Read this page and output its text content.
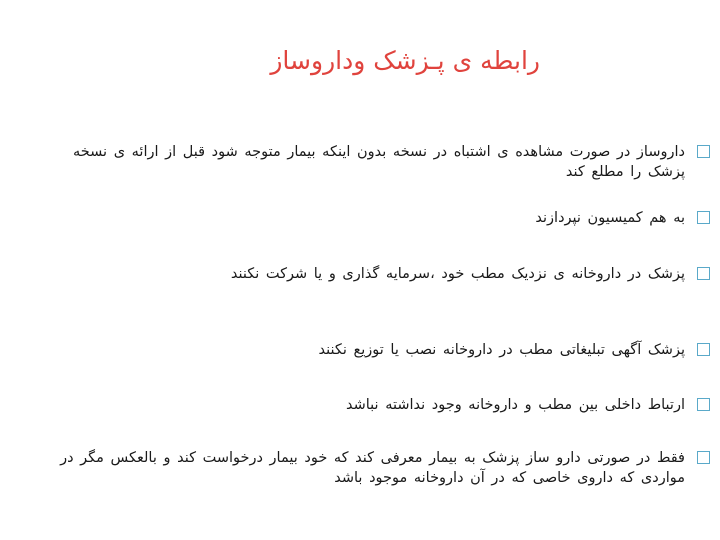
رابطه ی پـزشک وداروساز
داروساز در صورت مشاهده ی اشتباه در نسخه بدون اینکه بیمار متوجه شود قبل از ارائه ی نسخه پزشک را مطلع کند
به هم کمیسیون نپردازند
پزشک در داروخانه ی نزدیک مطب خود ،سرمایه گذاری و یا شرکت نکنند
پزشک آگهی تبلیغاتی مطب در داروخانه نصب یا توزیع نکنند
ارتباط داخلی بین مطب و داروخانه وجود نداشته نباشد
فقط در صورتی دارو ساز پزشک به بیمار معرفی کند که خود بیمار درخواست کند و بالعکس مگر در مواردی که داروی خاصی که در آن داروخانه موجود باشد
